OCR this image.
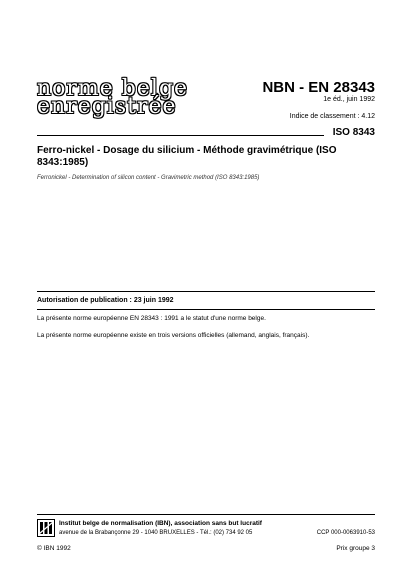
norme belge
enregistrée
NBN - EN 28343
1e éd., juin 1992
Indice de classement : 4.12
ISO 8343
Ferro-nickel - Dosage du silicium - Méthode gravimétrique (ISO 8343:1985)
Ferronickel - Determination of silicon content - Gravimetric method (ISO 8343:1985)
Autorisation de publication : 23 juin 1992
La présente norme européenne EN 28343 : 1991 a le statut d'une norme belge.
La présente norme européenne existe en trois versions officielles (allemand, anglais, français).
Institut belge de normalisation (IBN), association sans but lucratif
avenue de la Brabançonne 29 - 1040 BRUXELLES - Tél.: (02) 734 92 05	CCP 000-0063910-53
© IBN 1992	Prix groupe 3
